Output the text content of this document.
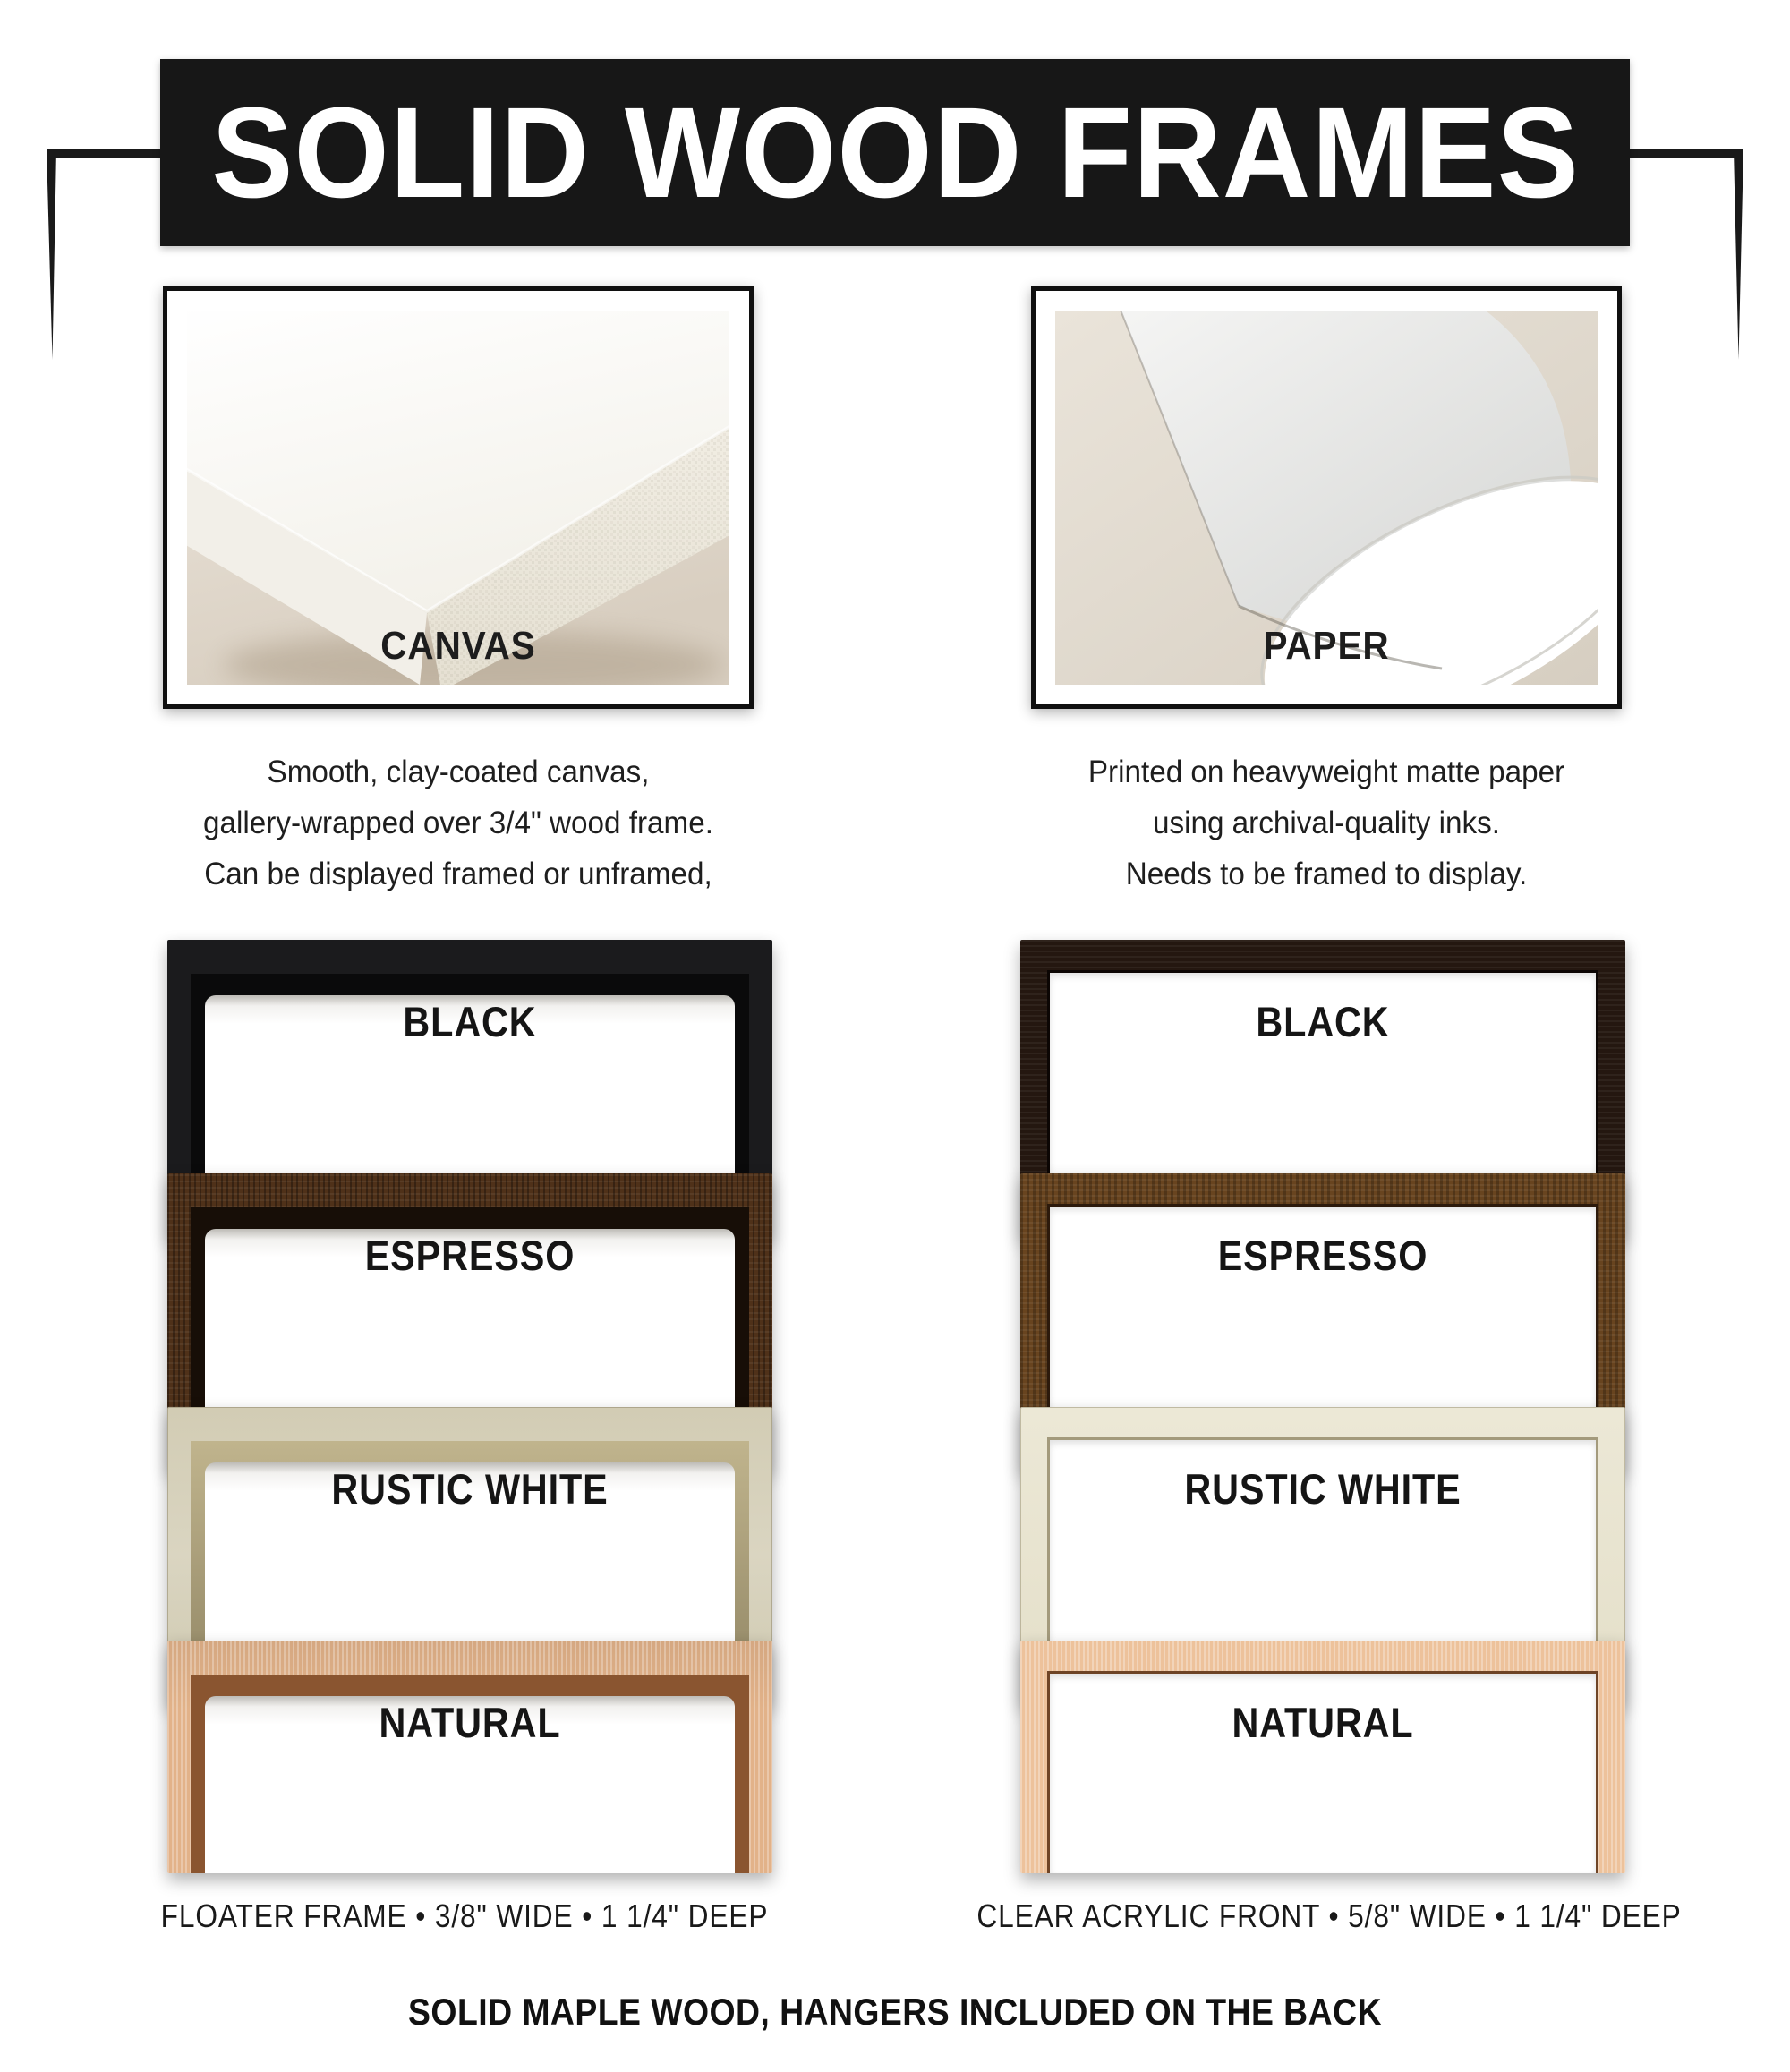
SOLID WOOD FRAMES
CANVAS	PAPER
Smooth, clay-coated canvas,
gallery-wrapped over 3/4" wood frame.
Can be displayed framed or unframed,
Printed on heavyweight matte paper
using archival-quality inks.
Needs to be framed to display.
BLACK
ESPRESSO
RUSTIC WHITE
NATURAL
BLACK
ESPRESSO
RUSTIC WHITE
NATURAL
FLOATER FRAME • 3/8" WIDE • 1 1/4" DEEP	CLEAR ACRYLIC FRONT • 5/8" WIDE • 1 1/4" DEEP
SOLID MAPLE WOOD, HANGERS INCLUDED ON THE BACK
